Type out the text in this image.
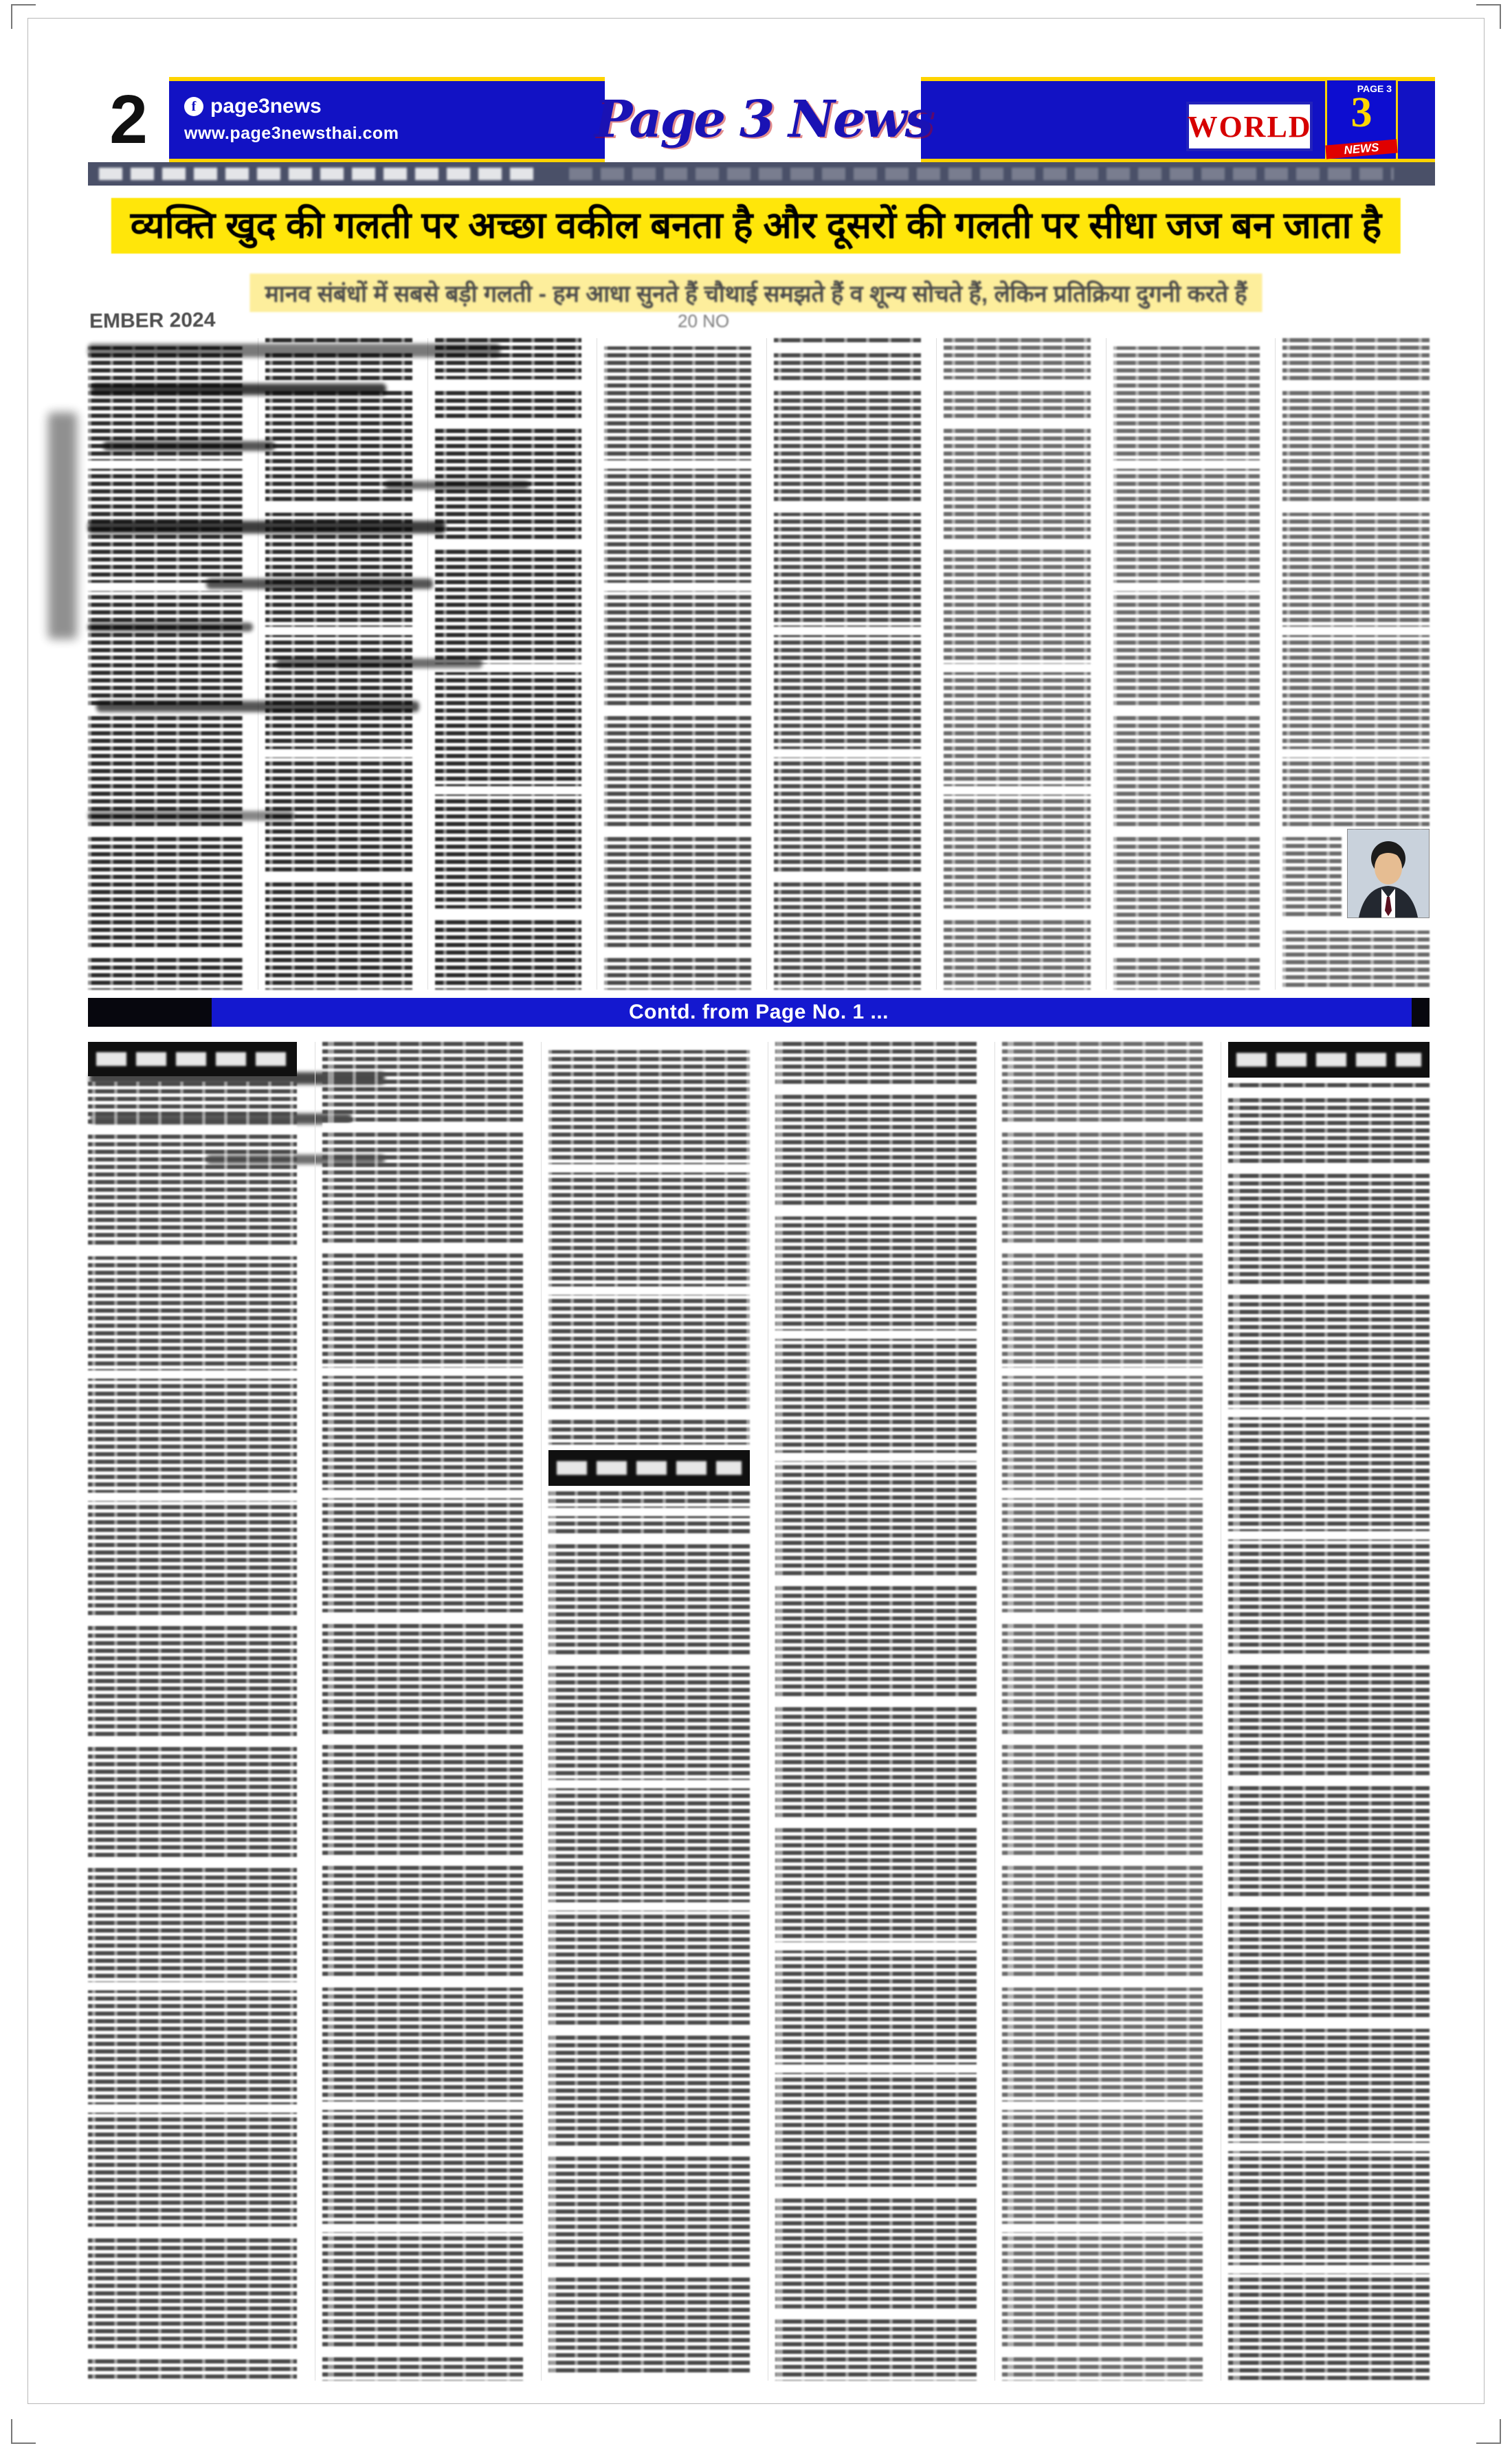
2	f page3news
www.page3newsthai.com	Page 3 News	WORLD
PAGE 3
3
NEWS
व्यक्ति खुद की गलती पर अच्छा वकील बनता है और दूसरों की गलती पर सीधा जज बन जाता है
मानव संबंधों में सबसे बड़ी गलती - हम आधा सुनते हैं चौथाई समझते हैं व शून्य सोचते हैं, लेकिन प्रतिक्रिया दुगनी करते हैं
EMBER 2024	20 NO
Contd. from Page No. 1 ...
